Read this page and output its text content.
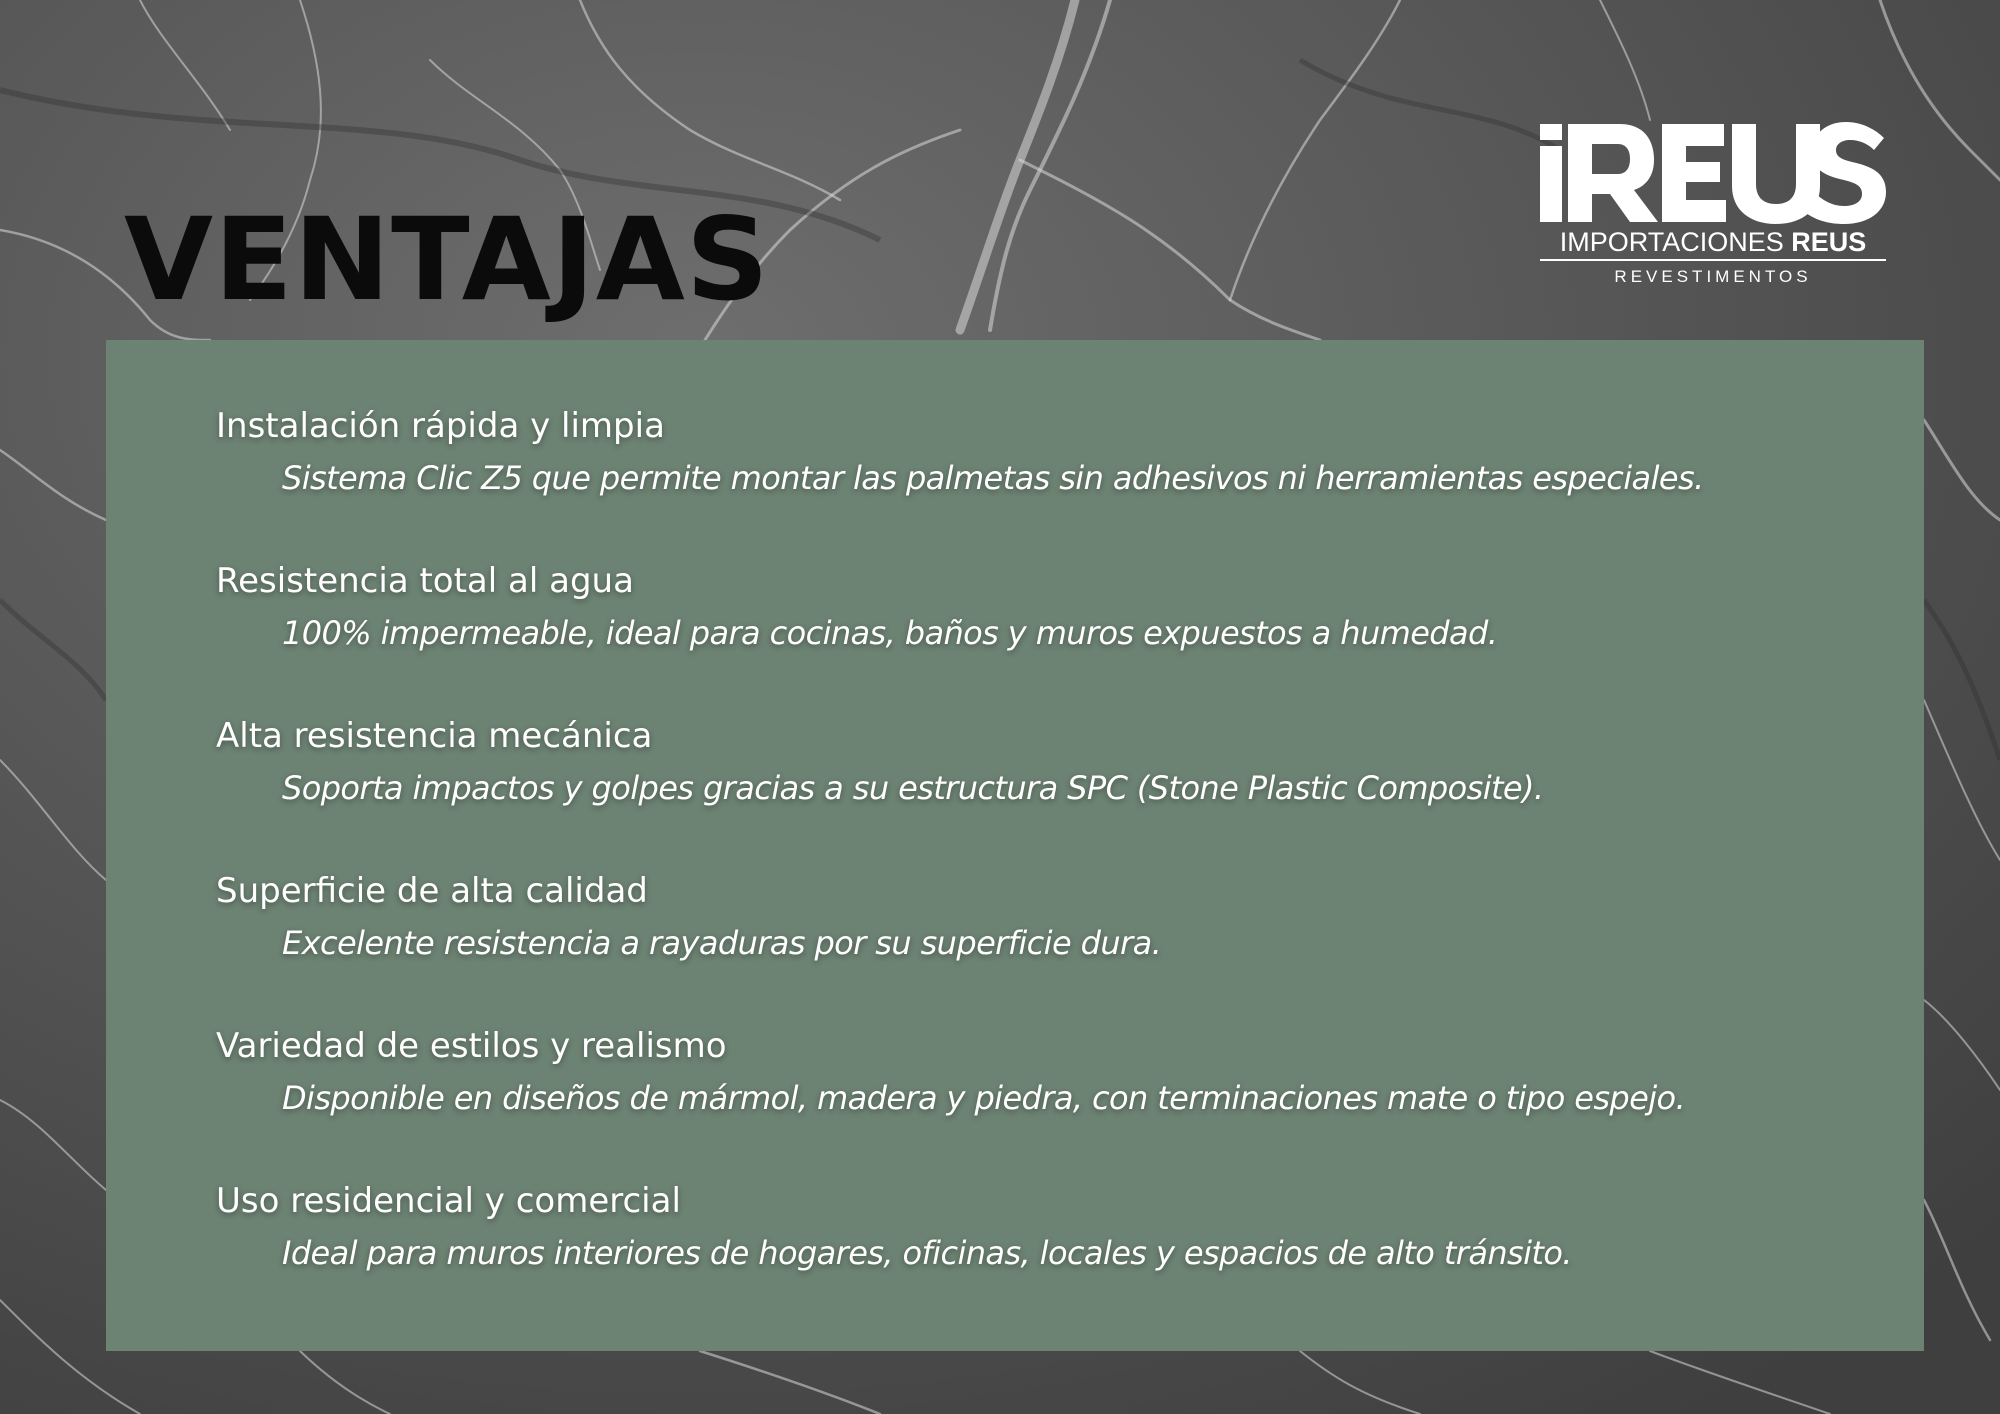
VENTAJAS	IMPORTACIONES REUS
REVESTIMENTOS
Instalación rápida y limpia
Sistema Clic Z5 que permite montar las palmetas sin adhesivos ni herramientas especiales.
Resistencia total al agua
100% impermeable, ideal para cocinas, baños y muros expuestos a humedad.
Alta resistencia mecánica
Soporta impactos y golpes gracias a su estructura SPC (Stone Plastic Composite).
Superficie de alta calidad
Excelente resistencia a rayaduras por su superficie dura.
Variedad de estilos y realismo
Disponible en diseños de mármol, madera y piedra, con terminaciones mate o tipo espejo.
Uso residencial y comercial
Ideal para muros interiores de hogares, oficinas, locales y espacios de alto tránsito.
